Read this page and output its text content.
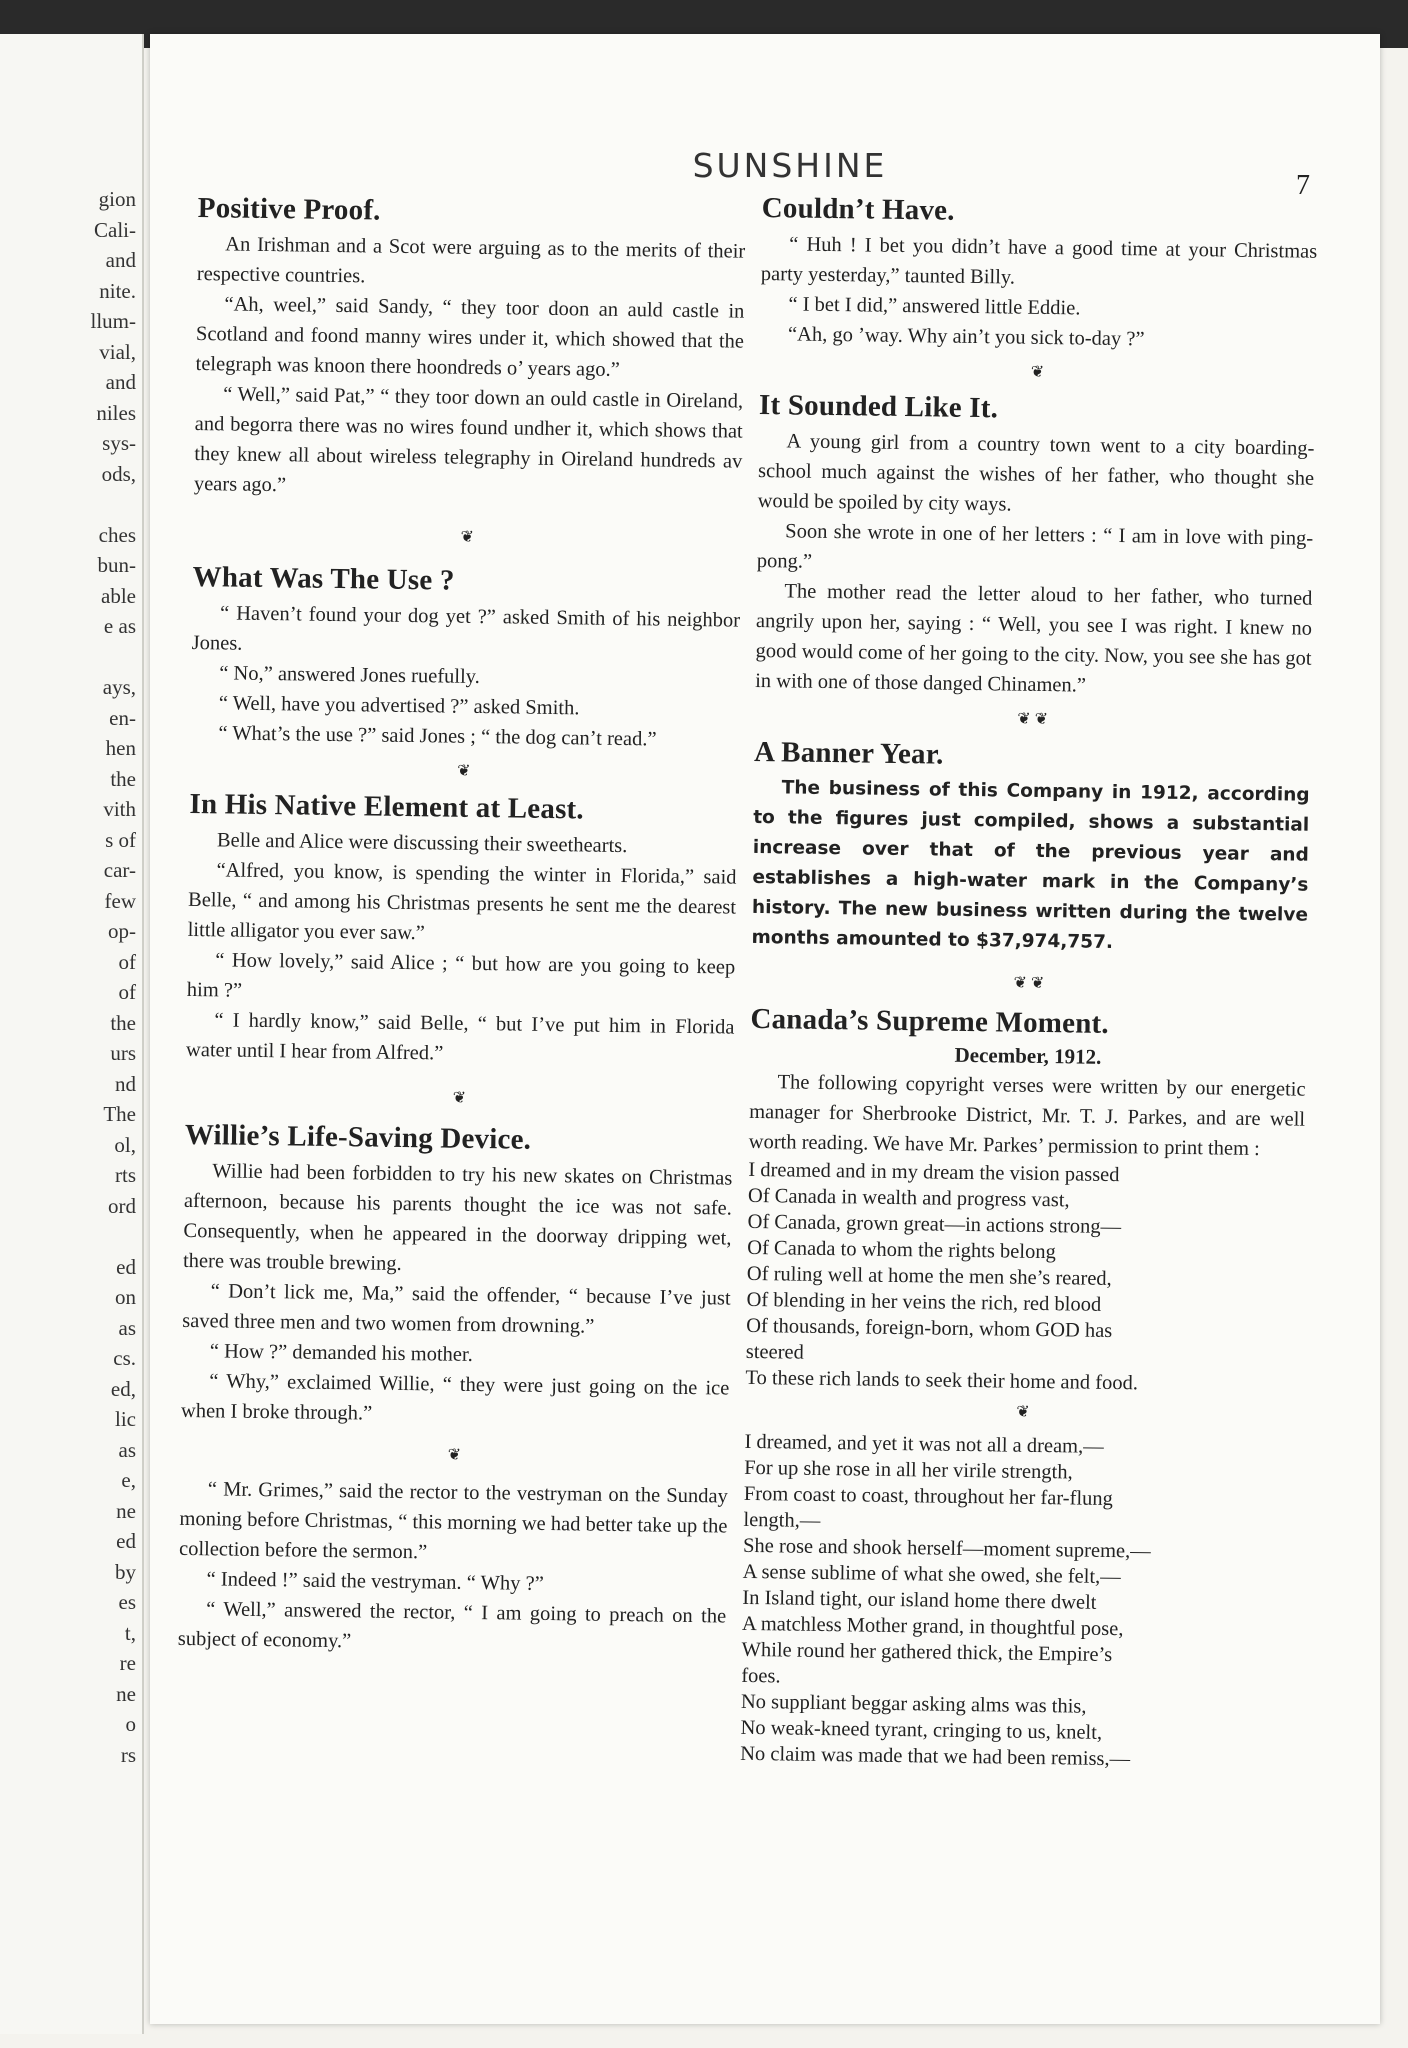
gion
Cali-
and
nite.
llum-
vial,
and
niles
sys-
ods,

ches
bun-
able
e as

ays,
en-
hen
the
vith
s of
car-
few
op-
of
of
the
urs
nd
The
ol,
rts
ord

ed
on
as
cs.
ed,
lic
as
e,
ne
ed
by
es
t,
re
ne
o
rs
SUNSHINE
7
Positive Proof.

An Irishman and a Scot were arguing as to the merits of their respective countries.

“Ah, weel,” said Sandy, “ they toor doon an auld castle in Scotland and foond manny wires under it, which showed that the telegraph was knoon there hoondreds o’ years ago.”

“ Well,” said Pat,” “ they toor down an ould castle in Oireland, and begorra there was no wires found undher it, which shows that they knew all about wireless telegraphy in Oireland hundreds av years ago.”

❦
What Was The Use ?

“ Haven’t found your dog yet ?” asked Smith of his neighbor Jones.

“ No,” answered Jones ruefully.

“ Well, have you advertised ?” asked Smith.

“ What’s the use ?” said Jones ; “ the dog can’t read.”

❦
In His Native Element at Least.

Belle and Alice were discussing their sweethearts.

“Alfred, you know, is spending the winter in Florida,” said Belle, “ and among his Christmas presents he sent me the dearest little alligator you ever saw.”

“ How lovely,” said Alice ; “ but how are you going to keep him ?”

“ I hardly know,” said Belle, “ but I’ve put him in Florida water until I hear from Alfred.”

❦
Willie’s Life-Saving Device.

Willie had been forbidden to try his new skates on Christmas afternoon, because his parents thought the ice was not safe. Consequently, when he appeared in the doorway dripping wet, there was trouble brewing.

“ Don’t lick me, Ma,” said the offender, “ because I’ve just saved three men and two women from drowning.”

“ How ?” demanded his mother.

“ Why,” exclaimed Willie, “ they were just going on the ice when I broke through.”

❦

“ Mr. Grimes,” said the rector to the vestryman on the Sunday moning before Christmas, “ this morning we had better take up the collection before the sermon.”

“ Indeed !” said the vestryman. “ Why ?”

“ Well,” answered the rector, “ I am going to preach on the subject of economy.”

Couldn’t Have.

“ Huh ! I bet you didn’t have a good time at your Christmas party yesterday,” taunted Billy.

“ I bet I did,” answered little Eddie.

“Ah, go ’way. Why ain’t you sick to-day ?”

❦
It Sounded Like It.

A young girl from a country town went to a city boarding-school much against the wishes of her father, who thought she would be spoiled by city ways.

Soon she wrote in one of her letters : “ I am in love with ping-pong.”

The mother read the letter aloud to her father, who turned angrily upon her, saying : “ Well, you see I was right. I knew no good would come of her going to the city. Now, you see she has got in with one of those danged Chinamen.”

❦ ❦
A Banner Year.

The business of this Company in 1912, according to the figures just compiled, shows a substantial increase over that of the previous year and establishes a high-water mark in the Company’s history. The new business written during the twelve months amounted to $37,974,757.

❦ ❦
Canada’s Supreme Moment.

December, 1912.

The following copyright verses were written by our energetic manager for Sherbrooke District, Mr. T. J. Parkes, and are well worth reading. We have Mr. Parkes’ permission to print them :

I dreamed and in my dream the vision passed
Of Canada in wealth and progress vast,
Of Canada, grown great—in actions strong—
Of Canada to whom the rights belong
Of ruling well at home the men she’s reared,
Of blending in her veins the rich, red blood
Of thousands, foreign-born, whom GOD has
steered
To these rich lands to seek their home and food.

❦

I dreamed, and yet it was not all a dream,—
For up she rose in all her virile strength,
From coast to coast, throughout her far-flung
length,—
She rose and shook herself—moment supreme,—
A sense sublime of what she owed, she felt,—
In Island tight, our island home there dwelt
A matchless Mother grand, in thoughtful pose,
While round her gathered thick, the Empire’s
foes.
No suppliant beggar asking alms was this,
No weak-kneed tyrant, cringing to us, knelt,
No claim was made that we had been remiss,—
